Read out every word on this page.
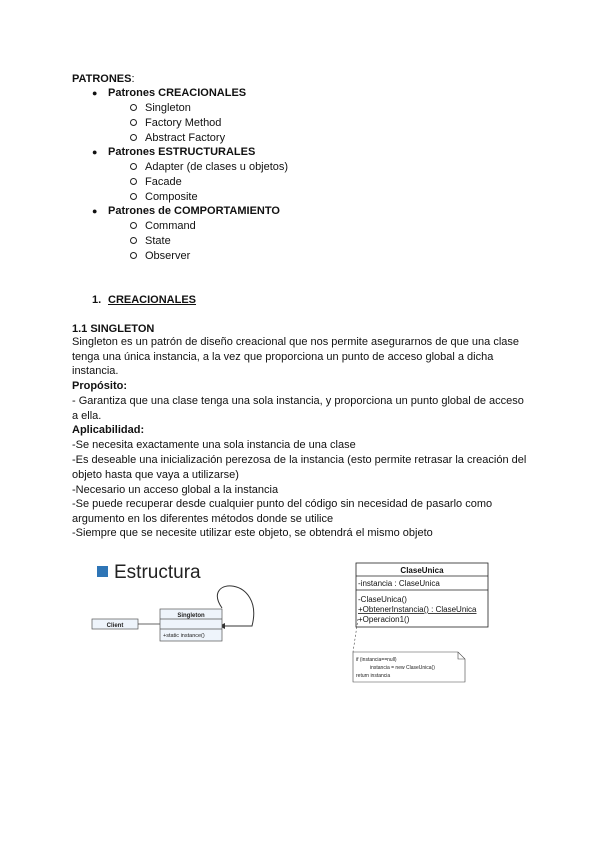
PATRONES:
● Patrones CREACIONALES
Singleton
Factory Method
Abstract Factory
● Patrones ESTRUCTURALES
Adapter (de clases u objetos)
Facade
Composite
● Patrones de COMPORTAMIENTO
Command
State
Observer
1. CREACIONALES
1.1 SINGLETON
Singleton es un patrón de diseño creacional que nos permite asegurarnos de que una clase tenga una única instancia, a la vez que proporciona un punto de acceso global a dicha instancia.
Propósito:
- Garantiza que una clase tenga una sola instancia, y proporciona un punto global de acceso a ella.
Aplicabilidad:
-Se necesita exactamente una sola instancia de una clase
-Es deseable una inicialización perezosa de la instancia (esto permite retrasar la creación del objeto hasta que vaya a utilizarse)
-Necesario un acceso global a la instancia
-Se puede recuperar desde cualquier punto del código sin necesidad de pasarlo como argumento en los diferentes métodos donde se utilice
-Siempre que se necesite utilizar este objeto, se obtendrá el mismo objeto
Estructura
Client
Singleton
+static instance()
ClaseUnica
-instancia : ClaseUnica
-ClaseUnica()
+ObtenerInstancia() : ClaseUnica
+Operacion1()
if (instancia==null)
instancia = new ClaseUnica()
return instancia
